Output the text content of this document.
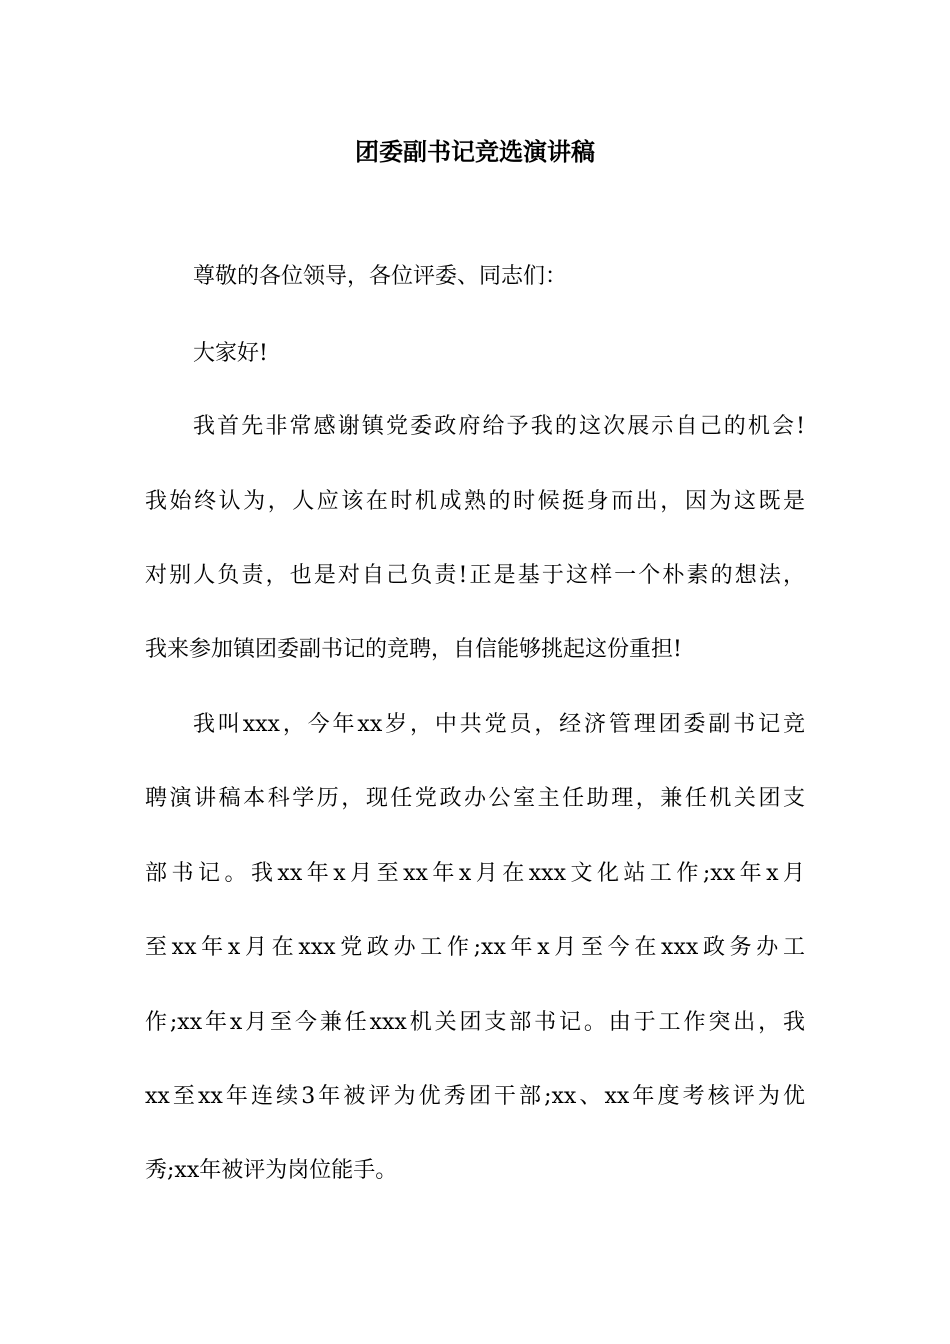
团委副书记竞选演讲稿

尊敬的各位领导，各位评委、同志们：

大家好!

我首先非常感谢镇党委政府给予我的这次展示自己的机会!

我始终认为，人应该在时机成熟的时候挺身而出，因为这既是

对别人负责，也是对自己负责!正是基于这样一个朴素的想法，

我来参加镇团委副书记的竞聘，自信能够挑起这份重担!

我叫xxx，今年xx岁，中共党员，经济管理团委副书记竞

聘演讲稿本科学历，现任党政办公室主任助理，兼任机关团支

部书记。我xx年x月至xx年x月在xxx文化站工作;xx年x月

至xx年x月在xxx党政办工作;xx年x月至今在xxx政务办工

作;xx年x月至今兼任xxx机关团支部书记。由于工作突出，我

xx至xx年连续3年被评为优秀团干部;xx、xx年度考核评为优

秀;xx年被评为岗位能手。
